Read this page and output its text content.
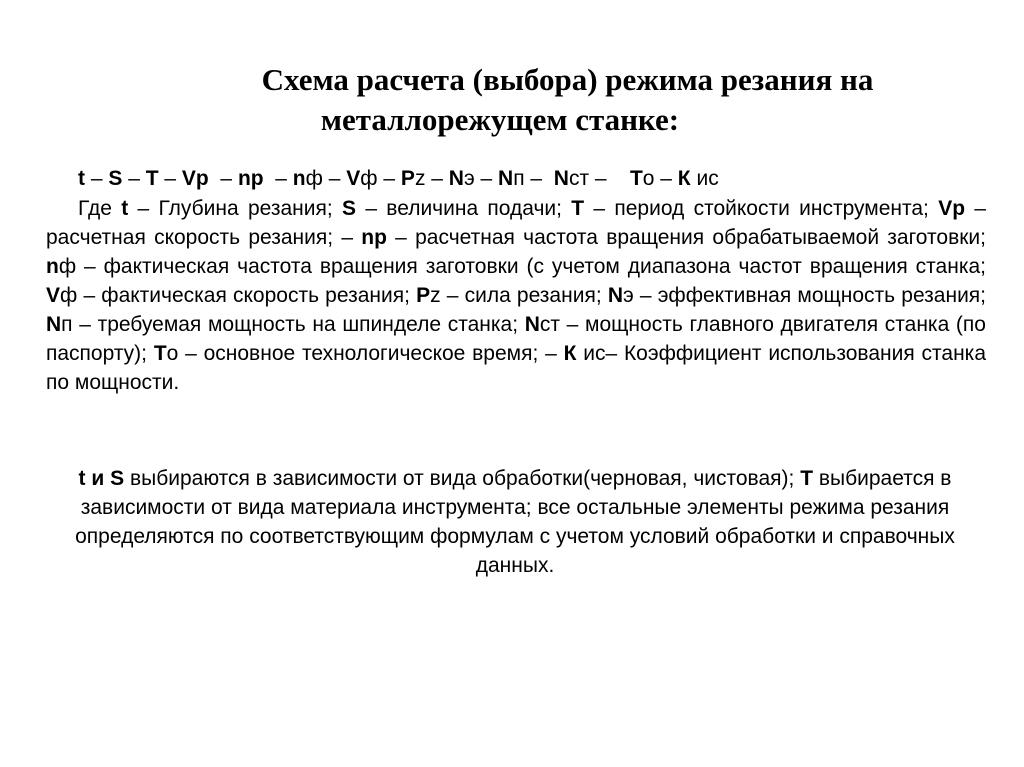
Схема расчета (выбора) режима резания на
металлорежущем станке:
t – S – T – Vр  – nр  – nф – Vф – Pz – Nэ – Nп –  Nст –    Tо – К ис
Где t – Глубина резания; S – величина подачи; T – период стойкости инструмента; Vр – расчетная скорость резания; – nр – расчетная частота вращения обрабатываемой заготовки; nф – фактическая частота вращения заготовки (с учетом диапазона частот вращения станка; Vф – фактическая скорость резания; Pz – сила резания; Nэ – эффективная мощность резания; Nп – требуемая мощность на шпинделе станка; Nст – мощность главного двигателя станка (по паспорту); Tо – основное технологическое время; – К ис– Коэффициент использования станка по мощности.
t и S выбираются в зависимости от вида обработки(черновая, чистовая); T выбирается в зависимости от вида материала инструмента; все остальные элементы режима резания определяются по соответствующим формулам с учетом условий обработки и справочных данных.
